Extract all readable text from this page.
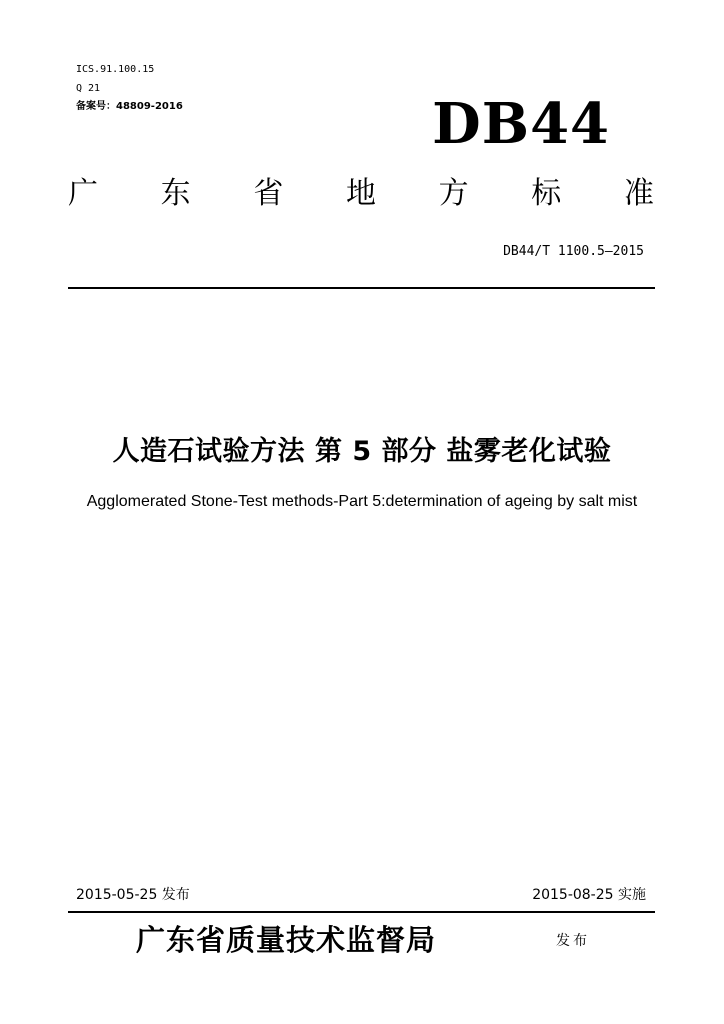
ICS.91.100.15
Q 21
备案号：48809-2016	DB44
广 东 省 地 方 标 准
DB44/T 1100.5—2015
人造石试验方法 第 5 部分 盐雾老化试验
Agglomerated Stone-Test methods-Part 5:determination of ageing by salt mist
2015-05-25 发布	2015-08-25 实施
广东省质量技术监督局	发布
